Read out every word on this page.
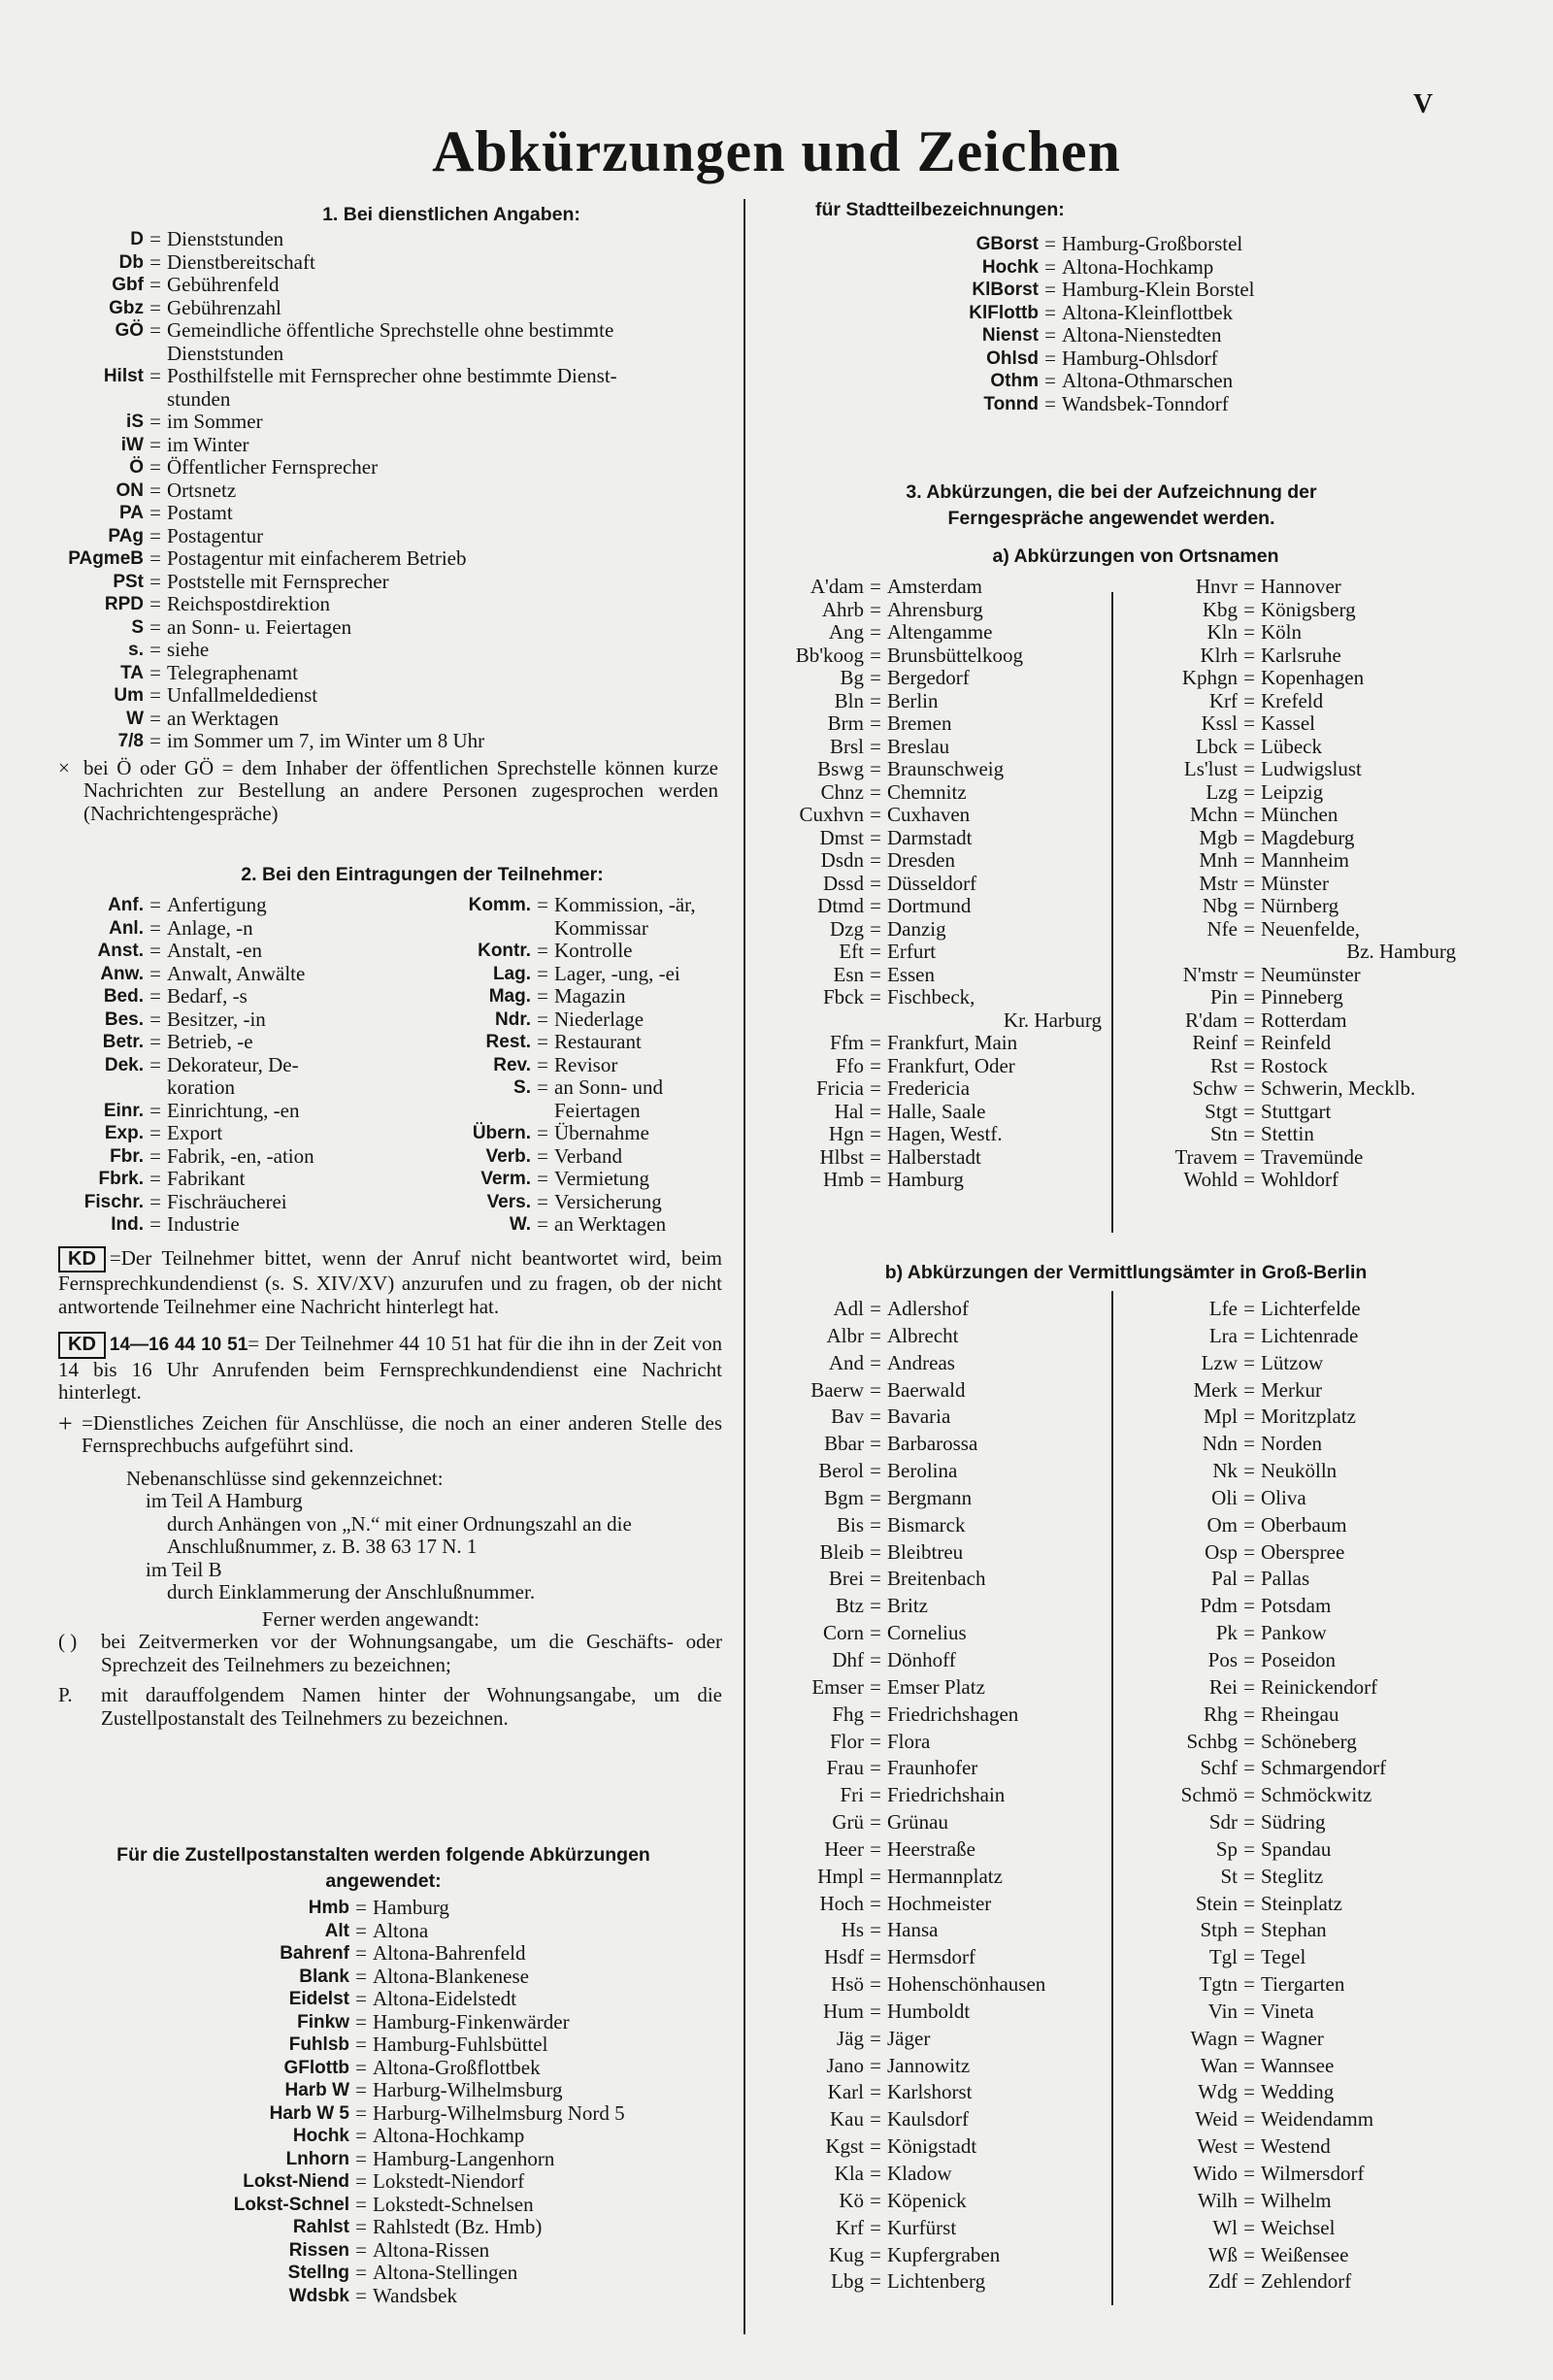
V
Abkürzungen und Zeichen
1. Bei dienstlichen Angaben:
D = Dienststunden
Db = Dienstbereitschaft
Gbf = Gebührenfeld
Gbz = Gebührenzahl
GÖ = Gemeindliche öffentliche Sprechstelle ohne bestimmte
Dienststunden
Hilst = Posthilfstelle mit Fernsprecher ohne bestimmte Dienst-
stunden
iS = im Sommer
iW = im Winter
Ö = Öffentlicher Fernsprecher
ON = Ortsnetz
PA = Postamt
PAg = Postagentur
PAgmeB = Postagentur mit einfacherem Betrieb
PSt = Poststelle mit Fernsprecher
RPD = Reichspostdirektion
S = an Sonn- u. Feiertagen
s. = siehe
TA = Telegraphenamt
Um = Unfallmeldedienst
W = an Werktagen
7/8 = im Sommer um 7, im Winter um 8 Uhr
× bei Ö oder GÖ = dem Inhaber der öffentlichen Sprechstelle können kurze Nachrichten zur Bestellung an andere Personen zugesprochen werden (Nachrichtengespräche)
2. Bei den Eintragungen der Teilnehmer:
Anf. = Anfertigung
Anl. = Anlage, -n
Anst. = Anstalt, -en
Anw. = Anwalt, Anwälte
Bed. = Bedarf, -s
Bes. = Besitzer, -in
Betr. = Betrieb, -e
Dek. = Dekorateur, De-
koration
Einr. = Einrichtung, -en
Exp. = Export
Fbr. = Fabrik, -en, -ation
Fbrk. = Fabrikant
Fischr. = Fischräucherei
Ind. = Industrie
Komm. = Kommission, -är,
Kommissar
Kontr. = Kontrolle
Lag. = Lager, -ung, -ei
Mag. = Magazin
Ndr. = Niederlage
Rest. = Restaurant
Rev. = Revisor
S. = an Sonn- und
Feiertagen
Übern. = Übernahme
Verb. = Verband
Verm. = Vermietung
Vers. = Versicherung
W. = an Werktagen
KD =Der Teilnehmer bittet, wenn der Anruf nicht beantwortet wird, beim Fernsprechkundendienst (s. S. XIV/XV) anzurufen und zu fragen, ob der nicht antwortende Teilnehmer eine Nachricht hinterlegt hat.
KD 14—16 44 10 51= Der Teilnehmer 44 10 51 hat für die ihn in der Zeit von 14 bis 16 Uhr Anrufenden beim Fernsprechkundendienst eine Nachricht hinterlegt.
+ =Dienstliches Zeichen für Anschlüsse, die noch an einer anderen Stelle des Fernsprechbuchs aufgeführt sind.
Nebenanschlüsse sind gekennzeichnet:
im Teil A Hamburg
durch Anhängen von „N.“ mit einer Ordnungszahl an die Anschlußnummer, z. B. 38 63 17 N. 1
im Teil B
durch Einklammerung der Anschlußnummer.
Ferner werden angewandt:
( )	bei Zeitvermerken vor der Wohnungsangabe, um die Geschäfts- oder Sprechzeit des Teilnehmers zu bezeichnen;
P.	mit darauffolgendem Namen hinter der Wohnungsangabe, um die Zustellpostanstalt des Teilnehmers zu bezeichnen.
Für die Zustellpostanstalten werden folgende Abkürzungen angewendet:
Hmb = Hamburg
Alt = Altona
Bahrenf = Altona-Bahrenfeld
Blank = Altona-Blankenese
Eidelst = Altona-Eidelstedt
Finkw = Hamburg-Finkenwärder
Fuhlsb = Hamburg-Fuhlsbüttel
GFlottb = Altona-Großflottbek
Harb W = Harburg-Wilhelmsburg
Harb W 5 = Harburg-Wilhelmsburg Nord 5
Hochk = Altona-Hochkamp
Lnhorn = Hamburg-Langenhorn
Lokst-Niend = Lokstedt-Niendorf
Lokst-Schnel = Lokstedt-Schnelsen
Rahlst = Rahlstedt (Bz. Hmb)
Rissen = Altona-Rissen
Stellng = Altona-Stellingen
Wdsbk = Wandsbek
für Stadtteilbezeichnungen:
GBorst = Hamburg-Großborstel
Hochk = Altona-Hochkamp
KlBorst = Hamburg-Klein Borstel
KlFlottb = Altona-Kleinflottbek
Nienst = Altona-Nienstedten
Ohlsd = Hamburg-Ohlsdorf
Othm = Altona-Othmarschen
Tonnd = Wandsbek-Tonndorf
3. Abkürzungen, die bei der Aufzeichnung der Ferngespräche angewendet werden.
a) Abkürzungen von Ortsnamen
A'dam = Amsterdam
Ahrb = Ahrensburg
Ang = Altengamme
Bb'koog = Brunsbüttelkoog
Bg = Bergedorf
Bln = Berlin
Brm = Bremen
Brsl = Breslau
Bswg = Braunschweig
Chnz = Chemnitz
Cuxhvn = Cuxhaven
Dmst = Darmstadt
Dsdn = Dresden
Dssd = Düsseldorf
Dtmd = Dortmund
Dzg = Danzig
Eft = Erfurt
Esn = Essen
Fbck = Fischbeck,
Kr. Harburg
Ffm = Frankfurt, Main
Ffo = Frankfurt, Oder
Fricia = Fredericia
Hal = Halle, Saale
Hgn = Hagen, Westf.
Hlbst = Halberstadt
Hmb = Hamburg
Hnvr = Hannover
Kbg = Königsberg
Kln = Köln
Klrh = Karlsruhe
Kphgn = Kopenhagen
Krf = Krefeld
Kssl = Kassel
Lbck = Lübeck
Ls'lust = Ludwigslust
Lzg = Leipzig
Mchn = München
Mgb = Magdeburg
Mnh = Mannheim
Mstr = Münster
Nbg = Nürnberg
Nfe = Neuenfelde,
Bz. Hamburg
N'mstr = Neumünster
Pin = Pinneberg
R'dam = Rotterdam
Reinf = Reinfeld
Rst = Rostock
Schw = Schwerin, Mecklb.
Stgt = Stuttgart
Stn = Stettin
Travem = Travemünde
Wohld = Wohldorf
b) Abkürzungen der Vermittlungsämter in Groß-Berlin
Adl = Adlershof
Albr = Albrecht
And = Andreas
Baerw = Baerwald
Bav = Bavaria
Bbar = Barbarossa
Berol = Berolina
Bgm = Bergmann
Bis = Bismarck
Bleib = Bleibtreu
Brei = Breitenbach
Btz = Britz
Corn = Cornelius
Dhf = Dönhoff
Emser = Emser Platz
Fhg = Friedrichshagen
Flor = Flora
Frau = Fraunhofer
Fri = Friedrichshain
Grü = Grünau
Heer = Heerstraße
Hmpl = Hermannplatz
Hoch = Hochmeister
Hs = Hansa
Hsdf = Hermsdorf
Hsö = Hohenschönhausen
Hum = Humboldt
Jäg = Jäger
Jano = Jannowitz
Karl = Karlshorst
Kau = Kaulsdorf
Kgst = Königstadt
Kla = Kladow
Kö = Köpenick
Krf = Kurfürst
Kug = Kupfergraben
Lbg = Lichtenberg
Lfe = Lichterfelde
Lra = Lichtenrade
Lzw = Lützow
Merk = Merkur
Mpl = Moritzplatz
Ndn = Norden
Nk = Neukölln
Oli = Oliva
Om = Oberbaum
Osp = Oberspree
Pal = Pallas
Pdm = Potsdam
Pk = Pankow
Pos = Poseidon
Rei = Reinickendorf
Rhg = Rheingau
Schbg = Schöneberg
Schf = Schmargendorf
Schmö = Schmöckwitz
Sdr = Südring
Sp = Spandau
St = Steglitz
Stein = Steinplatz
Stph = Stephan
Tgl = Tegel
Tgtn = Tiergarten
Vin = Vineta
Wagn = Wagner
Wan = Wannsee
Wdg = Wedding
Weid = Weidendamm
West = Westend
Wido = Wilmersdorf
Wilh = Wilhelm
Wl = Weichsel
Wß = Weißensee
Zdf = Zehlendorf
